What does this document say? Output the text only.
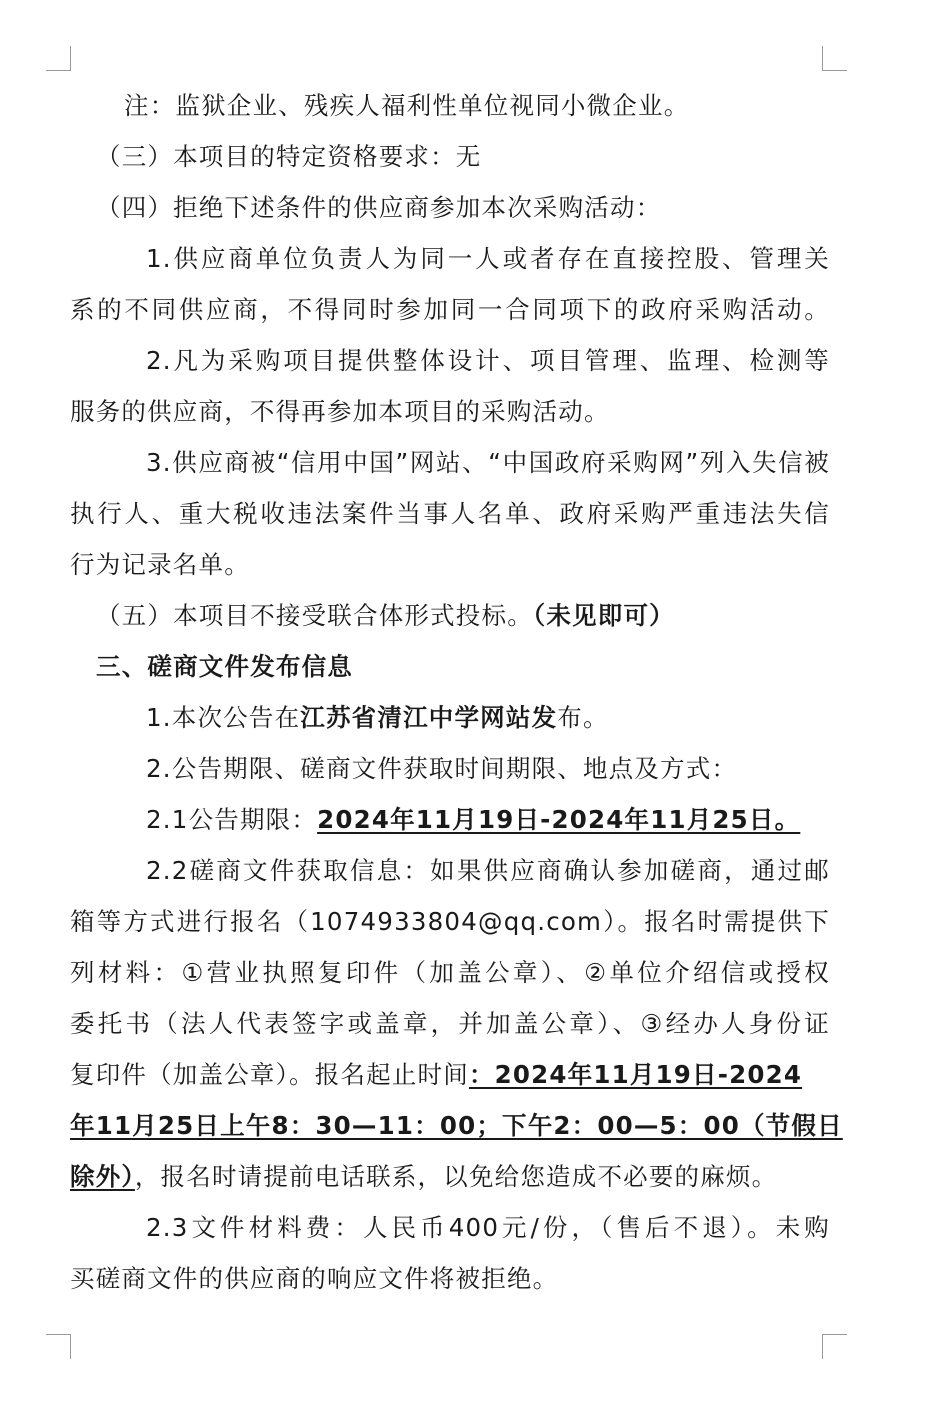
注：监狱企业、残疾人福利性单位视同小微企业。

（三）本项目的特定资格要求：无

（四）拒绝下述条件的供应商参加本次采购活动：

1.供应商单位负责人为同一人或者存在直接控股、管理关

系的不同供应商，不得同时参加同一合同项下的政府采购活动。

2.凡为采购项目提供整体设计、项目管理、监理、检测等

服务的供应商，不得再参加本项目的采购活动。

3.供应商被“信用中国”网站、“中国政府采购网”列入失信被

执行人、重大税收违法案件当事人名单、政府采购严重违法失信

行为记录名单。

（五）本项目不接受联合体形式投标。（未见即可）

三、磋商文件发布信息

1.本次公告在江苏省清江中学网站发布。

2.公告期限、磋商文件获取时间期限、地点及方式：

2.1公告期限：2024年11月19日-2024年11月25日。

2.2磋商文件获取信息：如果供应商确认参加磋商，通过邮

箱等方式进行报名（1074933804@qq.com）。报名时需提供下

列材料：①营业执照复印件（加盖公章）、②单位介绍信或授权

委托书（法人代表签字或盖章，并加盖公章）、③经办人身份证

复印件（加盖公章）。报名起止时间：2024年11月19日-2024

年11月25日上午8：30—11：00；下午2：00—5：00（节假日

除外），报名时请提前电话联系，以免给您造成不必要的麻烦。

2.3文件材料费：人民币400元/份，（售后不退）。未购

买磋商文件的供应商的响应文件将被拒绝。
